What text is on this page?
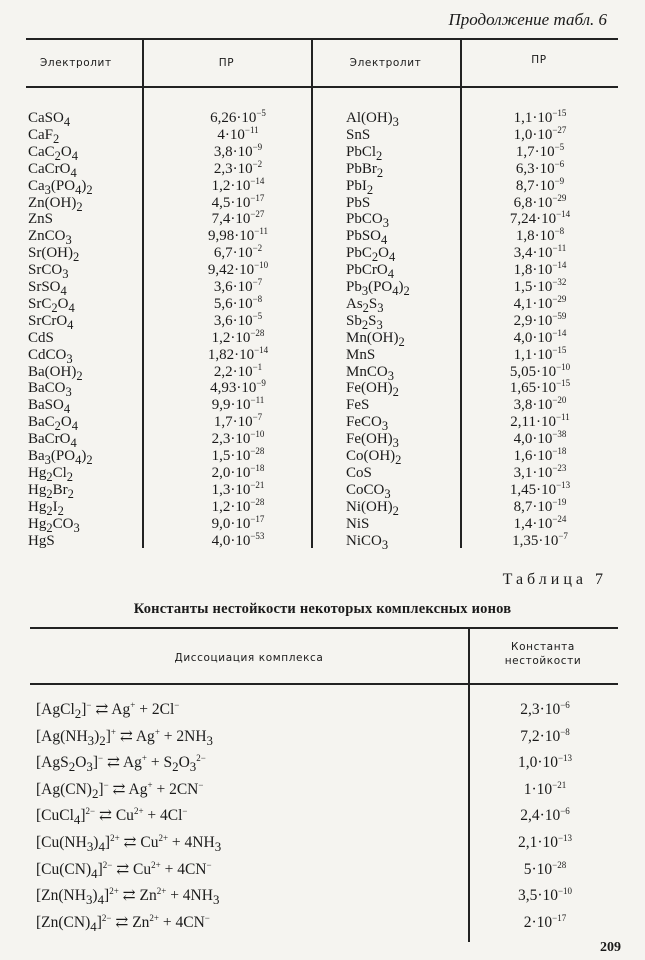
Продолжение табл. 6
Электролит	ПР	Электролит	ПР
CaSO$_4$	$6,26\cdot 10^{-5}$	$Al(OH)_3$	$1,1\cdot 10^{-15}$
CaF$_2$	$4\cdot 10^{-11}$	SnS	$1,0\cdot 10^{-27}$
$CaC_2O_4$	$3,8\cdot 10^{-9}$	PbCl$_2$	$1,7\cdot 10^{-5}$
CaCrO$_4$	$2,3\cdot 10^{-2}$	PbBr$_2$	$6,3\cdot 10^{-6}$
$Ca_3(PO_4)_2$	$1,2\cdot 10^{-14}$	PbI$_2$	$8,7\cdot 10^{-9}$
$Zn(OH)_2$	$4,5\cdot 10^{-17}$	PbS	$6,8\cdot 10^{-29}$
ZnS	$7,4\cdot 10^{-27}$	PbCO$_3$	$7,24\cdot 10^{-14}$
ZnCO$_3$	$9,98\cdot 10^{-11}$	PbSO$_4$	$1,8\cdot 10^{-8}$
$Sr(OH)_2$	$6,7\cdot 10^{-2}$	$PbC_2O_4$	$3,4\cdot 10^{-11}$
SrCO$_3$	$9,42\cdot 10^{-10}$	PbCrO$_4$	$1,8\cdot 10^{-14}$
SrSO$_4$	$3,6\cdot 10^{-7}$	$Pb_3(PO_4)_2$	$1,5\cdot 10^{-32}$
$SrC_2O_4$	$5,6\cdot 10^{-8}$	$As_2S_3$	$4,1\cdot 10^{-29}$
SrCrO$_4$	$3,6\cdot 10^{-5}$	$Sb_2S_3$	$2,9\cdot 10^{-59}$
CdS	$1,2\cdot 10^{-28}$	$Mn(OH)_2$	$4,0\cdot 10^{-14}$
CdCO$_3$	$1,82\cdot 10^{-14}$	MnS	$1,1\cdot 10^{-15}$
$Ba(OH)_2$	$2,2\cdot 10^{-1}$	MnCO$_3$	$5,05\cdot 10^{-10}$
BaCO$_3$	$4,93\cdot 10^{-9}$	$Fe(OH)_2$	$1,65\cdot 10^{-15}$
BaSO$_4$	$9,9\cdot 10^{-11}$	FeS	$3,8\cdot 10^{-20}$
$BaC_2O_4$	$1,7\cdot 10^{-7}$	FeCO$_3$	$2,11\cdot 10^{-11}$
BaCrO$_4$	$2,3\cdot 10^{-10}$	$Fe(OH)_3$	$4,0\cdot 10^{-38}$
$Ba_3(PO_4)_2$	$1,5\cdot 10^{-28}$	$Co(OH)_2$	$1,6\cdot 10^{-18}$
$Hg_2Cl_2$	$2,0\cdot 10^{-18}$	CoS	$3,1\cdot 10^{-23}$
$Hg_2Br_2$	$1,3\cdot 10^{-21}$	CoCO$_3$	$1,45\cdot 10^{-13}$
$Hg_2I_2$	$1,2\cdot 10^{-28}$	$Ni(OH)_2$	$8,7\cdot 10^{-19}$
$Hg_2CO_3$	$9,0\cdot 10^{-17}$	NiS	$1,4\cdot 10^{-24}$
HgS	$4,0\cdot 10^{-53}$	NiCO$_3$	$1,35\cdot 10^{-7}$
Таблица 7
Константы нестойкости некоторых комплексных ионов
Диссоциация комплекса
Константа
нестойкости
[AgCl$_2$]− ⇄ Ag+ + 2Cl−	$2,3\cdot 10^{-6}$
$[Ag(NH_3)_2]^+$ ⇄ $Ag^+ + 2NH_3$	$7,2\cdot 10^{-8}$
$[AgS_2O_3]^-$ ⇄ $Ag^+ + S_2O_3^{2-}$	$1,0\cdot 10^{-13}$
$[Ag(CN)_2]^-$ ⇄ Ag+ + 2CN−	$1\cdot 10^{-21}$
[CuCl$_4$]$^{2-}$ ⇄ $Cu^{2+} + 4Cl^-$	$2,4\cdot 10^{-6}$
$[Cu(NH_3)_4]^{2+}$ ⇄ $Cu^{2+} + 4NH_3$	$2,1\cdot 10^{-13}$
$[Cu(CN)_4]^{2-}$ ⇄ $Cu^{2+} + 4CN^-$	$5\cdot 10^{-28}$
$[Zn(NH_3)_4]^{2+}$ ⇄ $Zn^{2+} + 4NH_3$	$3,5\cdot 10^{-10}$
$[Zn(CN)_4]^{2-}$ ⇄ $Zn^{2+} + 4CN^-$	$2\cdot 10^{-17}$
209
